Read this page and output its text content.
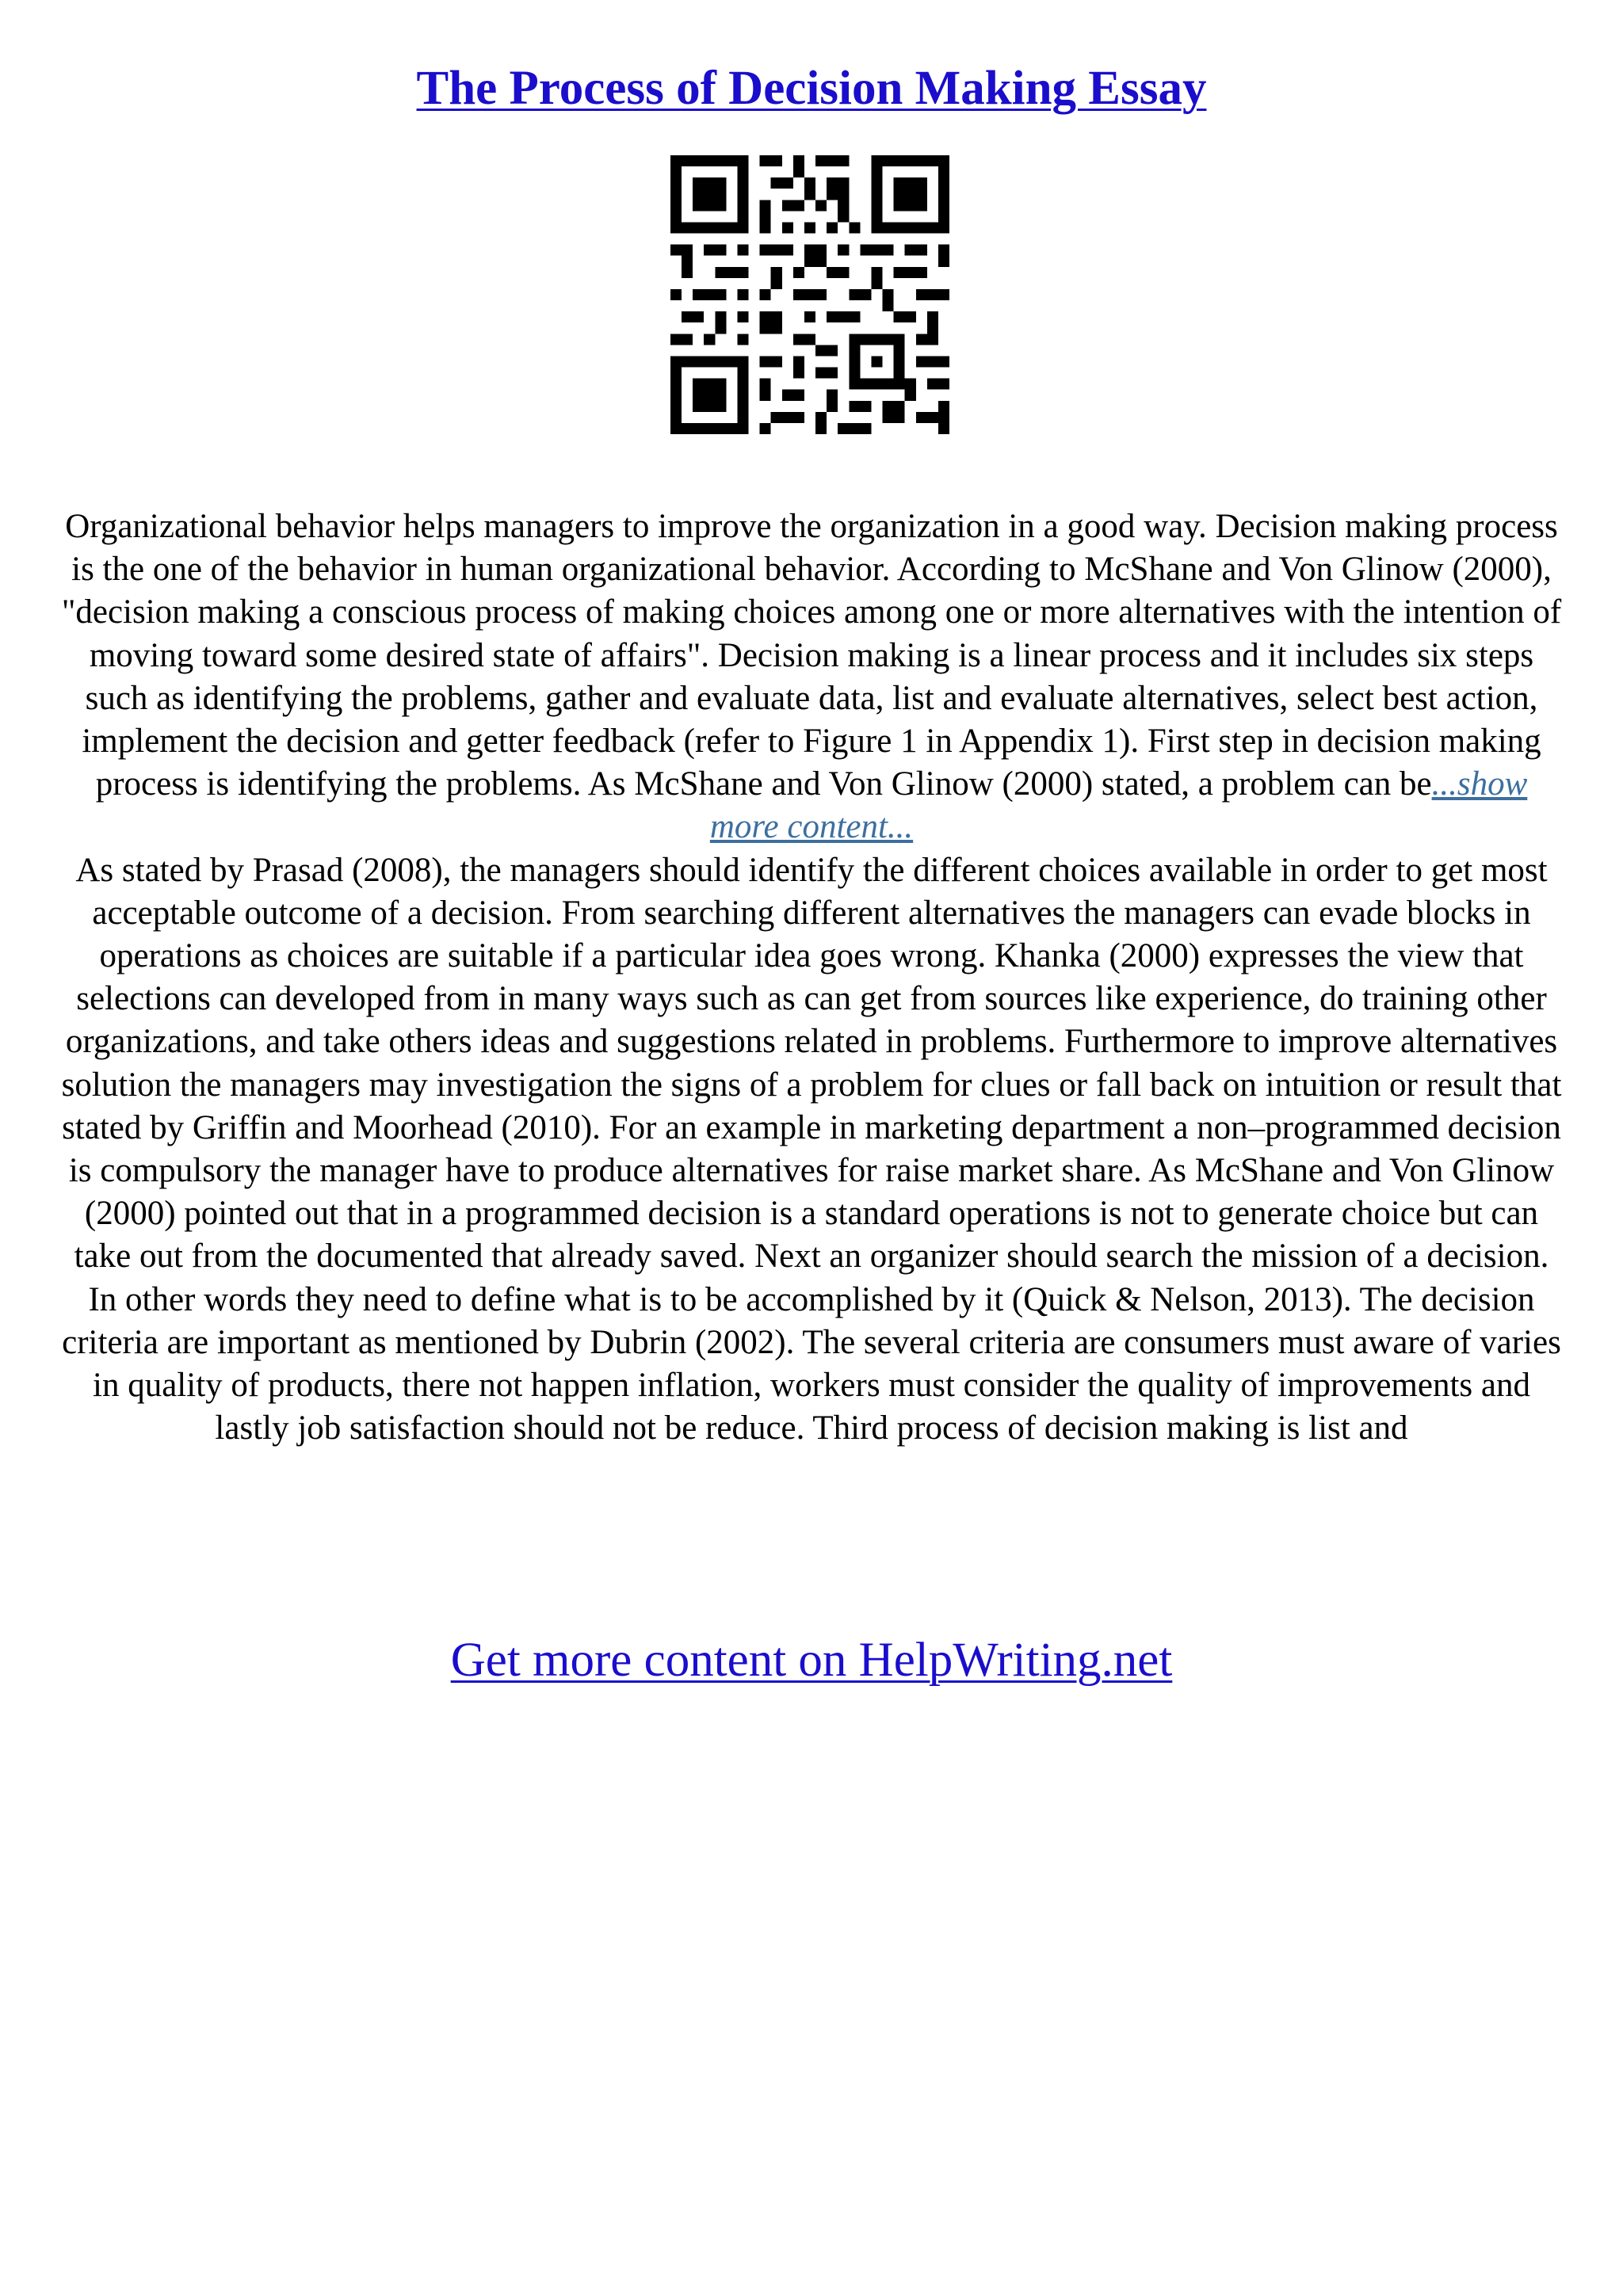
The Process of Decision Making Essay

Organizational behavior helps managers to improve the organization in a good way. Decision making process is the one of the behavior in human organizational behavior. According to McShane and Von Glinow (2000), "decision making a conscious process of making choices among one or more alternatives with the intention of moving toward some desired state of affairs". Decision making is a linear process and it includes six steps such as identifying the problems, gather and evaluate data, list and evaluate alternatives, select best action, implement the decision and getter feedback (refer to Figure 1 in Appendix 1). First step in decision making process is identifying the problems. As McShane and Von Glinow (2000) stated, a problem can be...show more content...

As stated by Prasad (2008), the managers should identify the different choices available in order to get most acceptable outcome of a decision. From searching different alternatives the managers can evade blocks in operations as choices are suitable if a particular idea goes wrong. Khanka (2000) expresses the view that selections can developed from in many ways such as can get from sources like experience, do training other organizations, and take others ideas and suggestions related in problems. Furthermore to improve alternatives solution the managers may investigation the signs of a problem for clues or fall back on intuition or result that stated by Griffin and Moorhead (2010). For an example in marketing department a non–programmed decision is compulsory the manager have to produce alternatives for raise market share. As McShane and Von Glinow (2000) pointed out that in a programmed decision is a standard operations is not to generate choice but can take out from the documented that already saved. Next an organizer should search the mission of a decision. In other words they need to define what is to be accomplished by it (Quick & Nelson, 2013). The decision criteria are important as mentioned by Dubrin (2002). The several criteria are consumers must aware of varies in quality of products, there not happen inflation, workers must consider the quality of improvements and lastly job satisfaction should not be reduce. Third process of decision making is list and

Get more content on HelpWriting.net
